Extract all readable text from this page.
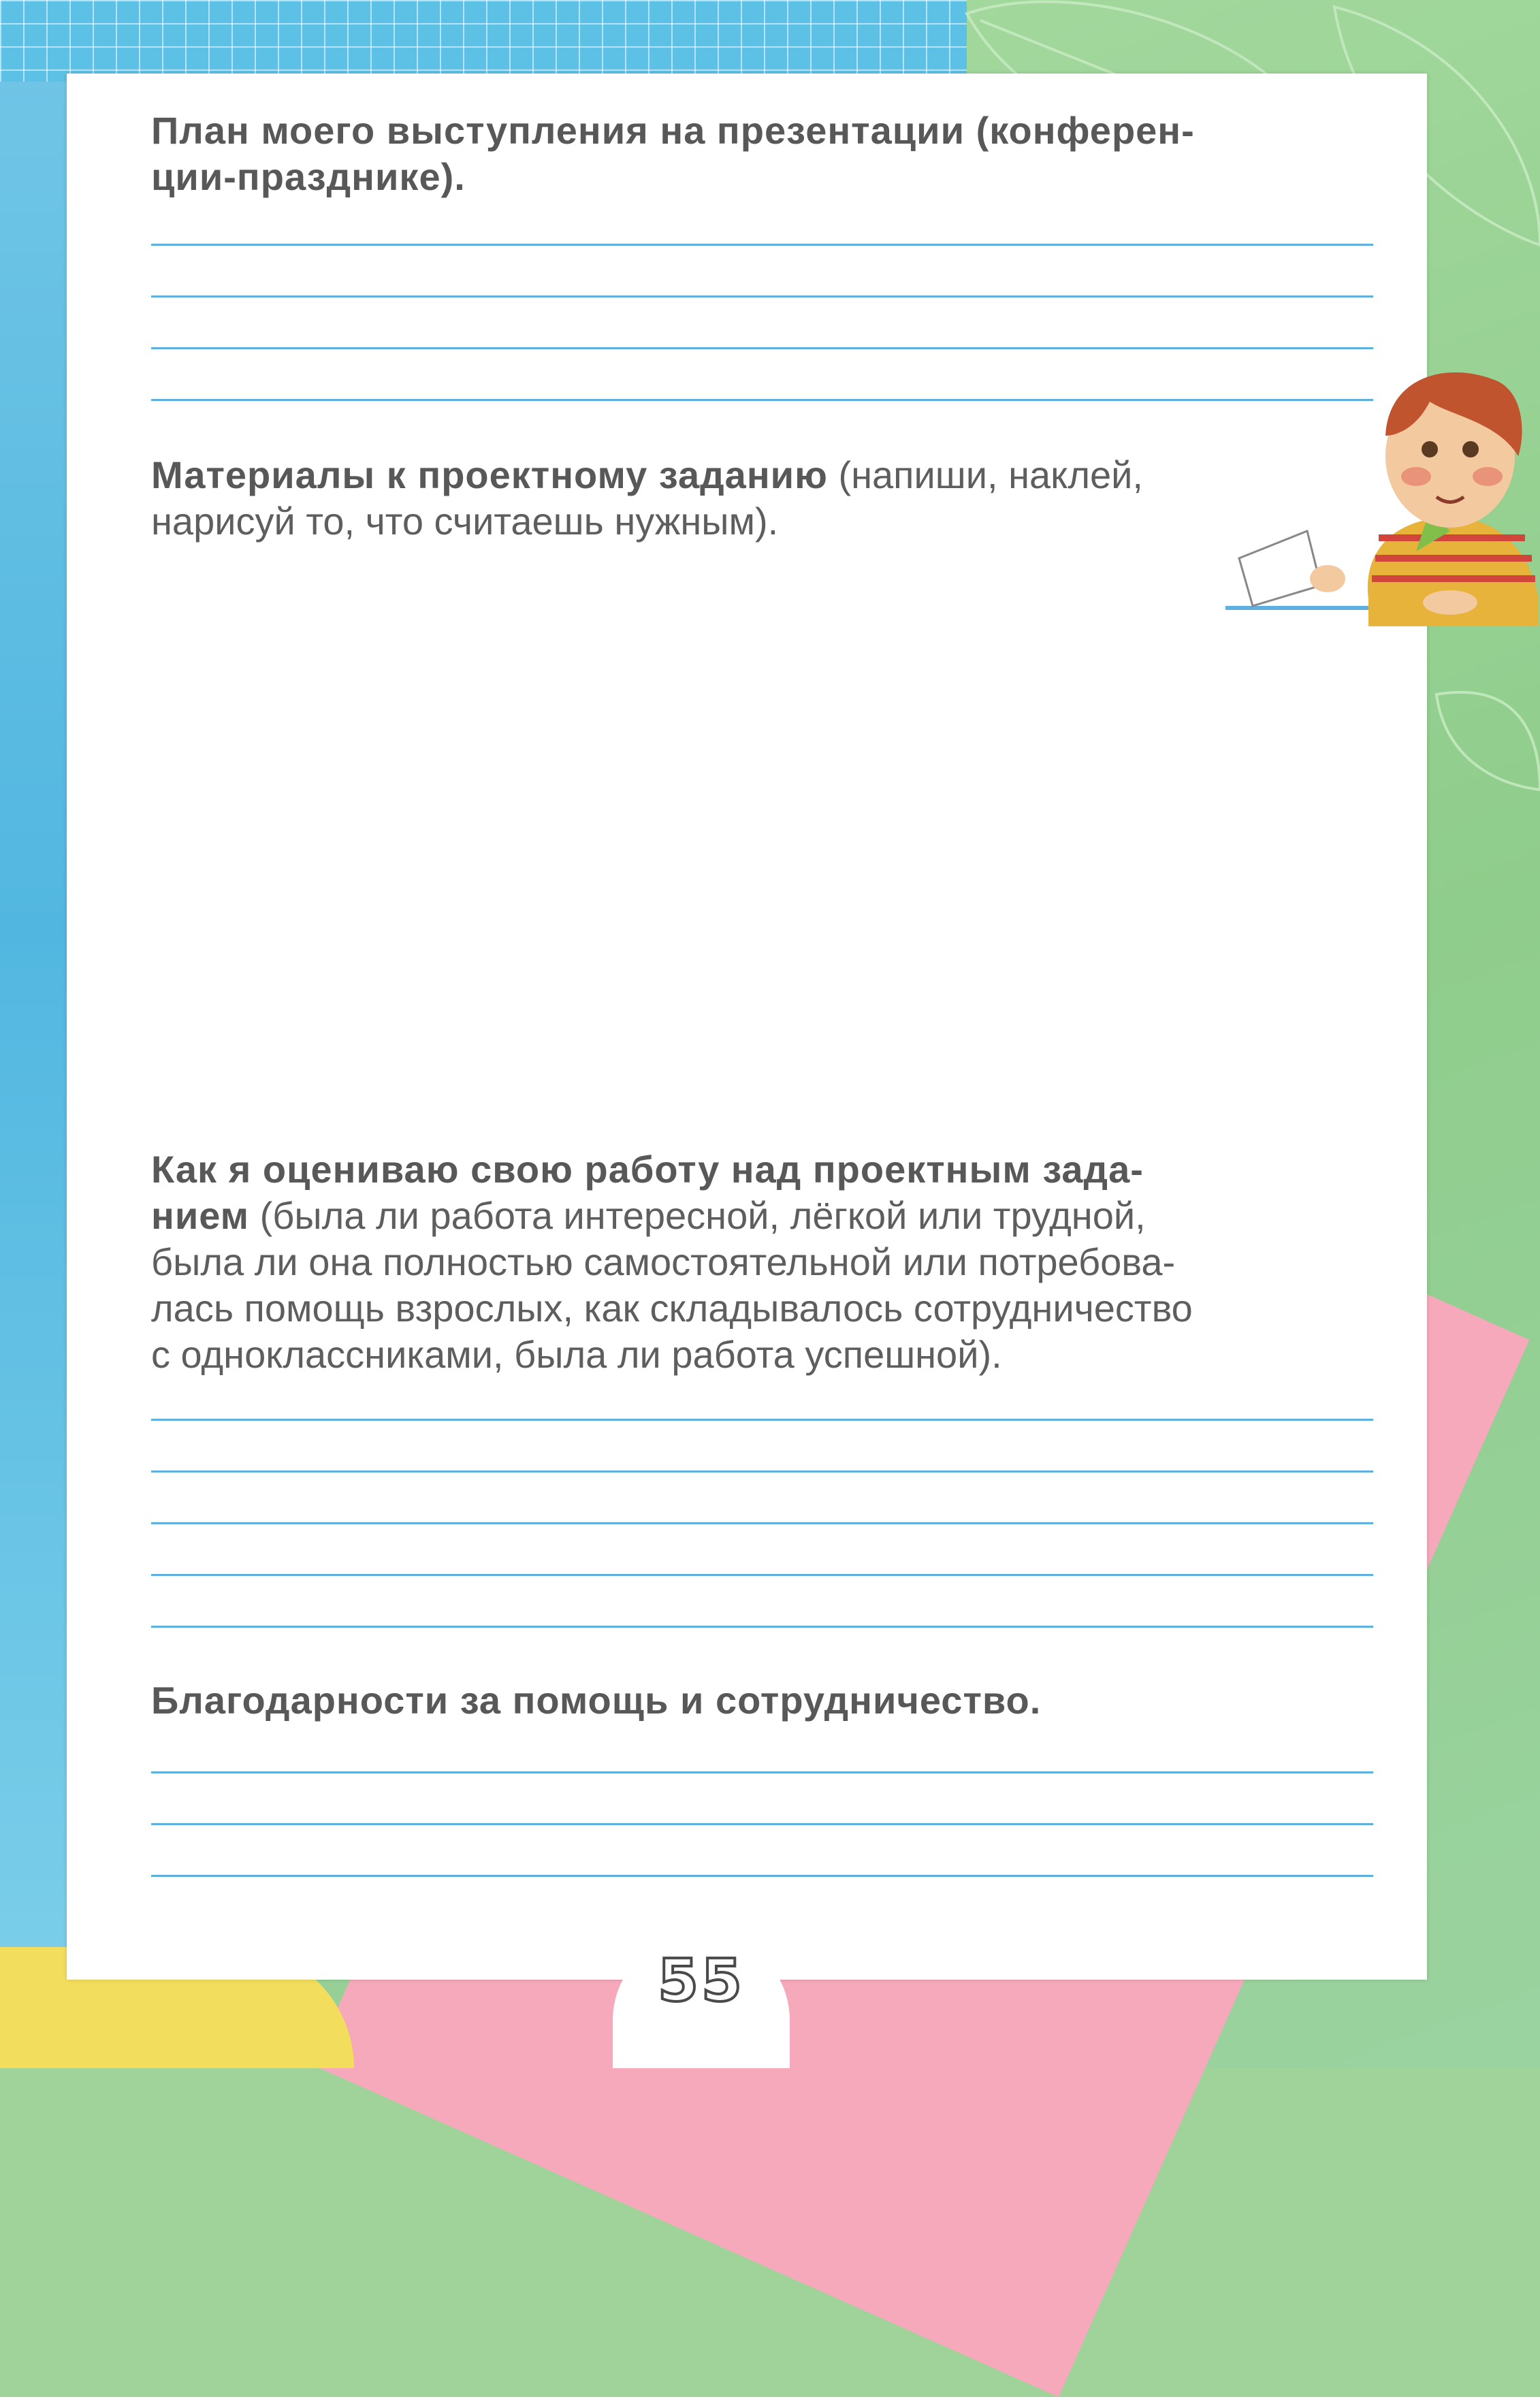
План моего выступления на презентации (конферен-
ции-празднике).
Материалы к проектному заданию (напиши, наклей,
нарисуй то, что считаешь нужным).
Как я оцениваю свою работу над проектным зада-
нием (была ли работа интересной, лёгкой или трудной,
была ли она полностью самостоятельной или потребова-
лась помощь взрослых, как складывалось сотрудничество
с одноклассниками, была ли работа успешной).
Благодарности за помощь и сотрудничество.
55
